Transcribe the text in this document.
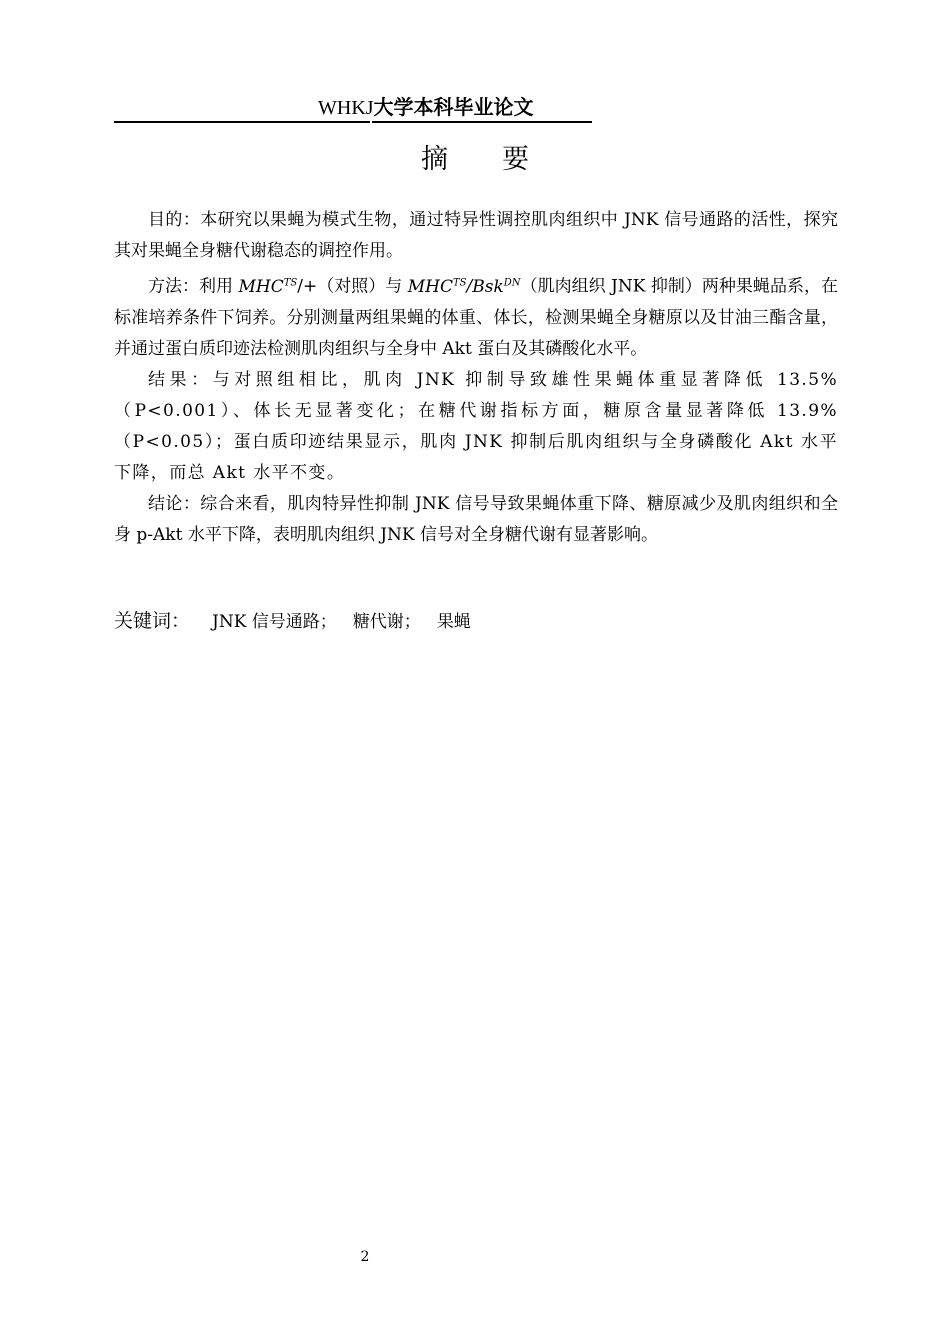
WHKJ大学本科毕业论文
摘要

目的：本研究以果蝇为模式生物，通过特异性调控肌肉组织中 JNK 信号通路的活性，探究其对果蝇全身糖代谢稳态的调控作用。

方法：利用 $MHC^{TS}/+$（对照）与 $MHC^{TS}/Bsk^{DN}$（肌肉组织 JNK 抑制）两种果蝇品系，在标准培养条件下饲养。分别测量两组果蝇的体重、体长，检测果蝇全身糖原以及甘油三酯含量，并通过蛋白质印迹法检测肌肉组织与全身中 Akt 蛋白及其磷酸化水平。

结果：与对照组相比，肌肉 JNK 抑制导致雄性果蝇体重显著降低 13.5%（P<0.001）、体长无显著变化；在糖代谢指标方面，糖原含量显著降低 13.9%（P<0.05）；蛋白质印迹结果显示，肌肉 JNK 抑制后肌肉组织与全身磷酸化 Akt 水平下降，而总 Akt 水平不变。

结论：综合来看，肌肉特异性抑制 JNK 信号导致果蝇体重下降、糖原减少及肌肉组织和全身 p-Akt 水平下降，表明肌肉组织 JNK 信号对全身糖代谢有显著影响。

关键词： JNK 信号通路； 糖代谢； 果蝇
2
